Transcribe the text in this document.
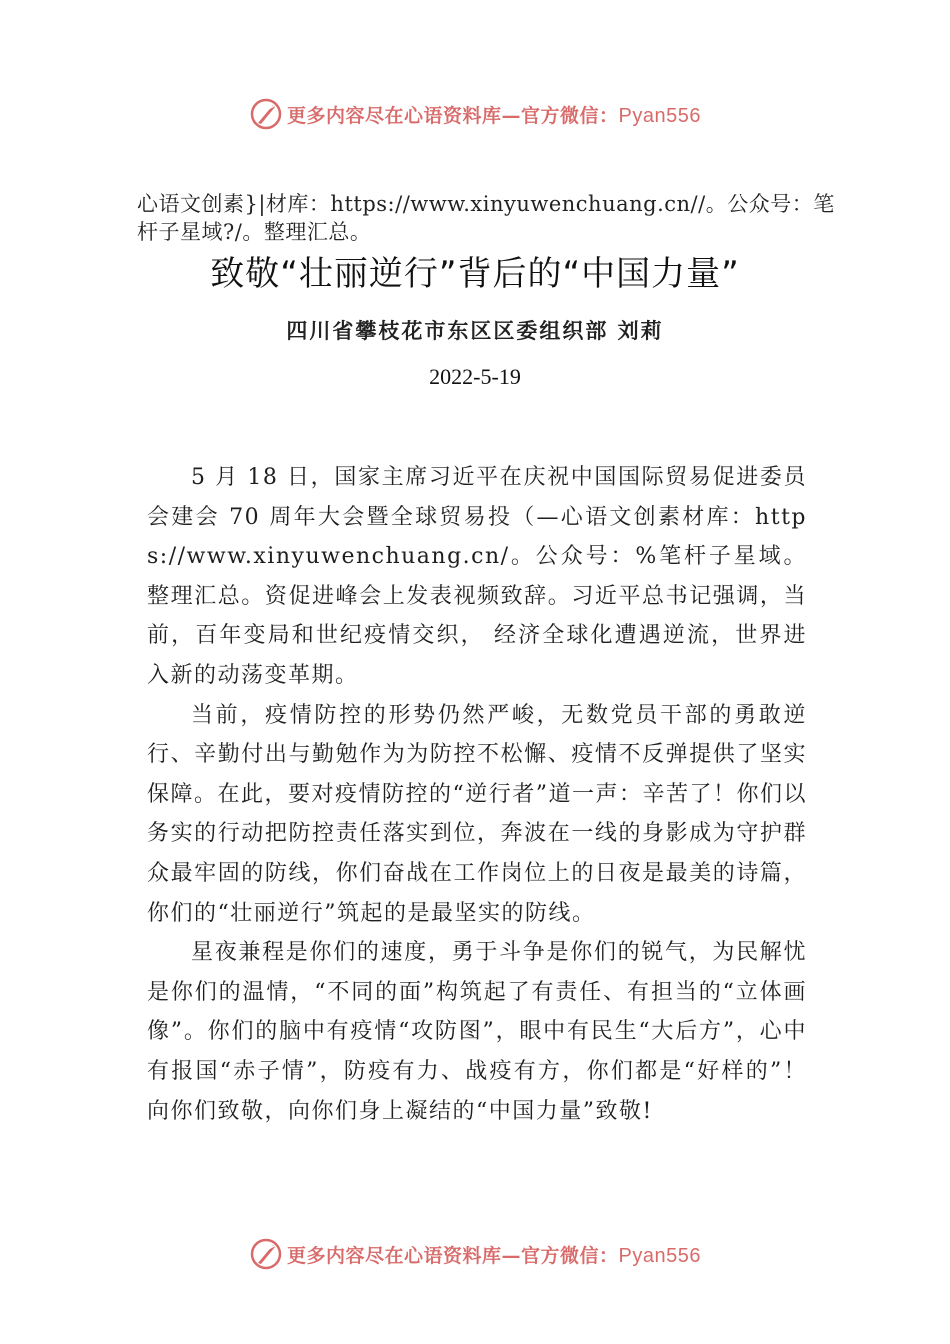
更多内容尽在心语资料库—官方微信：Pyan556
心语文创素}|材库：https://www.xinyuwenchuang.cn//。公众号：笔杆子星域?/。整理汇总。
致敬“壮丽逆行”背后的“中国力量”
四川省攀枝花市东区区委组织部 刘莉
2022-5-19

5 月 18 日，国家主席习近平在庆祝中国国际贸易促进委员会建会 70 周年大会暨全球贸易投（—心语文创素材库：https://www.xinyuwenchuang.cn/。公众号：%笔杆子星域。整理汇总。资促进峰会上发表视频致辞。习近平总书记强调，当前，百年变局和世纪疫情交织， 经济全球化遭遇逆流，世界进入新的动荡变革期。

当前，疫情防控的形势仍然严峻，无数党员干部的勇敢逆行、辛勤付出与勤勉作为为防控不松懈、疫情不反弹提供了坚实保障。在此，要对疫情防控的“逆行者”道一声：辛苦了！你们以务实的行动把防控责任落实到位，奔波在一线的身影成为守护群众最牢固的防线，你们奋战在工作岗位上的日夜是最美的诗篇，你们的“壮丽逆行”筑起的是最坚实的防线。

星夜兼程是你们的速度，勇于斗争是你们的锐气，为民解忧是你们的温情，“不同的面”构筑起了有责任、有担当的“立体画像”。你们的脑中有疫情“攻防图”，眼中有民生“大后方”，心中有报国“赤子情”，防疫有力、战疫有方，你们都是“好样的”！向你们致敬，向你们身上凝结的“中国力量”致敬!

更多内容尽在心语资料库—官方微信：Pyan556
